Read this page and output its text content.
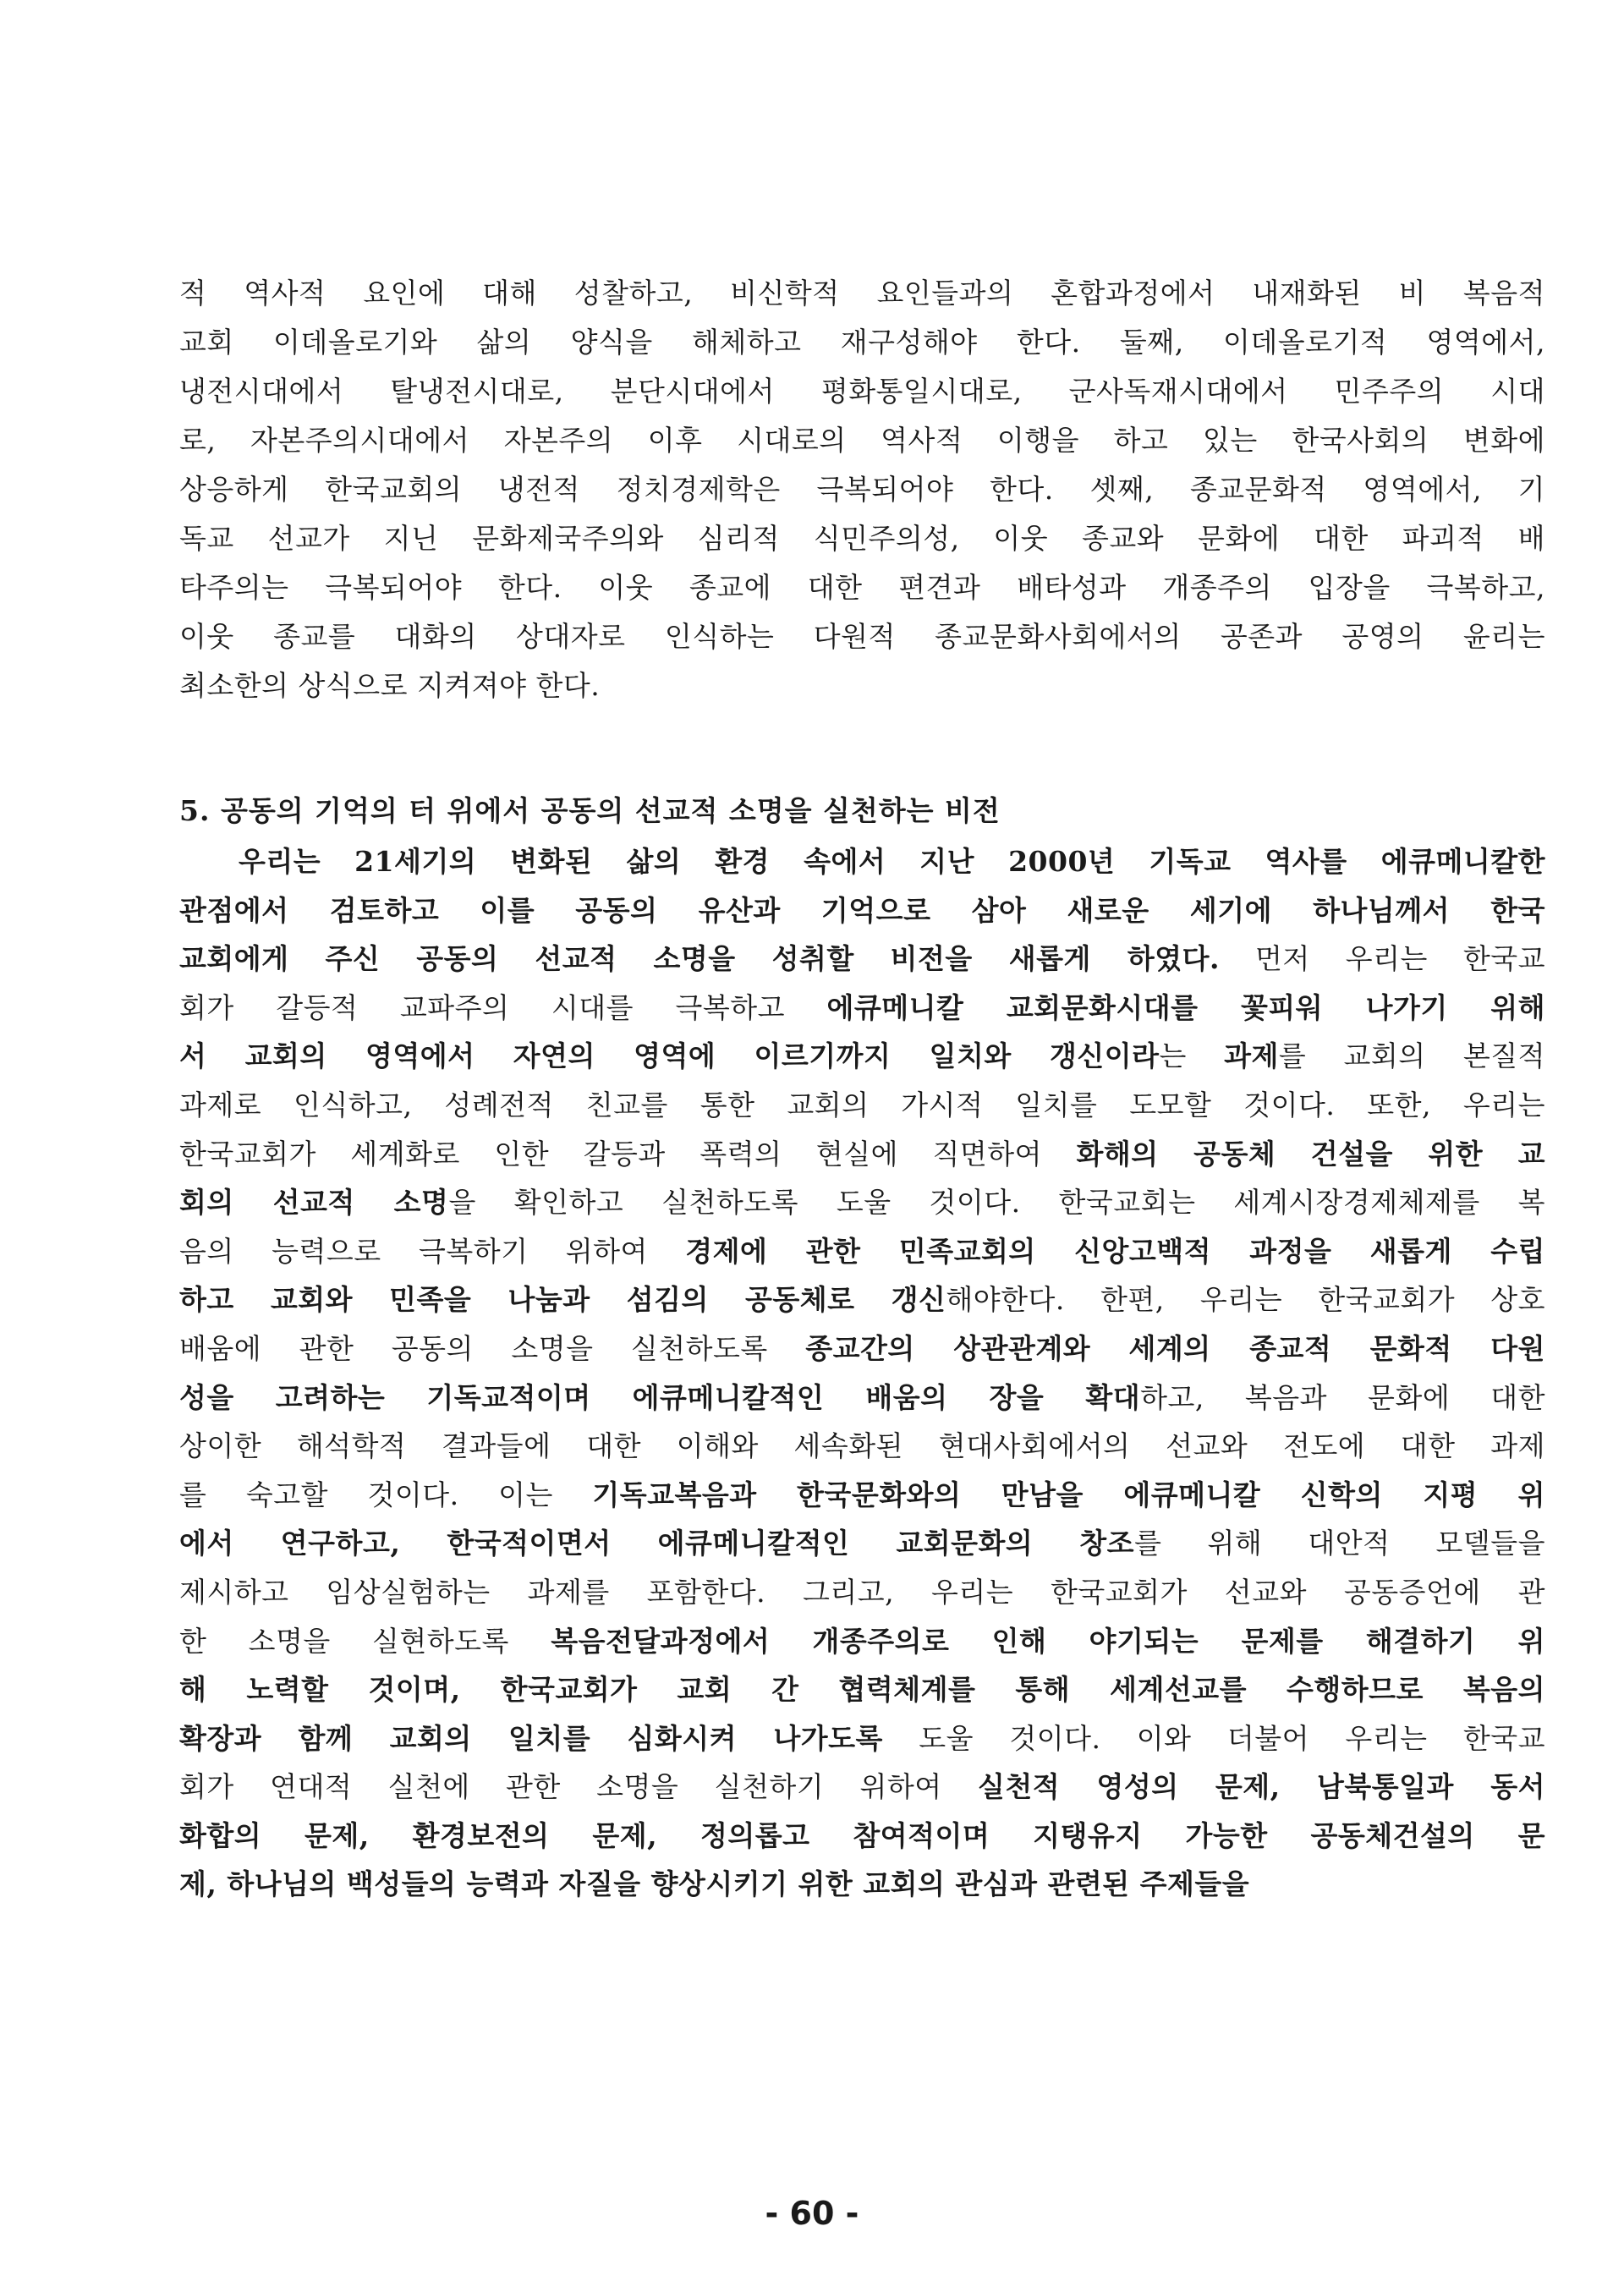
적 역사적 요인에 대해 성찰하고, 비신학적 요인들과의 혼합과정에서 내재화된 비 복음적
교회 이데올로기와 삶의 양식을 해체하고 재구성해야 한다. 둘째, 이데올로기적 영역에서,
냉전시대에서 탈냉전시대로, 분단시대에서 평화통일시대로, 군사독재시대에서 민주주의 시대
로, 자본주의시대에서 자본주의 이후 시대로의 역사적 이행을 하고 있는 한국사회의 변화에
상응하게 한국교회의 냉전적 정치경제학은 극복되어야 한다. 셋째, 종교문화적 영역에서, 기
독교 선교가 지닌 문화제국주의와 심리적 식민주의성, 이웃 종교와 문화에 대한 파괴적 배
타주의는 극복되어야 한다. 이웃 종교에 대한 편견과 배타성과 개종주의 입장을 극복하고,
이웃 종교를 대화의 상대자로 인식하는 다원적 종교문화사회에서의 공존과 공영의 윤리는
최소한의 상식으로 지켜져야 한다.
5. 공동의 기억의 터 위에서 공동의 선교적 소명을 실천하는 비전
우리는 21세기의 변화된 삶의 환경 속에서 지난 2000년 기독교 역사를 에큐메니칼한
관점에서 검토하고 이를 공동의 유산과 기억으로 삼아 새로운 세기에 하나님께서 한국
교회에게 주신 공동의 선교적 소명을 성취할 비전을 새롭게 하였다. 먼저 우리는 한국교
회가 갈등적 교파주의 시대를 극복하고 에큐메니칼 교회문화시대를 꽃피워 나가기 위해
서 교회의 영역에서 자연의 영역에 이르기까지 일치와 갱신이라는 과제를 교회의 본질적
과제로 인식하고, 성례전적 친교를 통한 교회의 가시적 일치를 도모할 것이다. 또한, 우리는
한국교회가 세계화로 인한 갈등과 폭력의 현실에 직면하여 화해의 공동체 건설을 위한 교
회의 선교적 소명을 확인하고 실천하도록 도울 것이다. 한국교회는 세계시장경제체제를 복
음의 능력으로 극복하기 위하여 경제에 관한 민족교회의 신앙고백적 과정을 새롭게 수립
하고 교회와 민족을 나눔과 섬김의 공동체로 갱신해야한다. 한편, 우리는 한국교회가 상호
배움에 관한 공동의 소명을 실천하도록 종교간의 상관관계와 세계의 종교적 문화적 다원
성을 고려하는 기독교적이며 에큐메니칼적인 배움의 장을 확대하고, 복음과 문화에 대한
상이한 해석학적 결과들에 대한 이해와 세속화된 현대사회에서의 선교와 전도에 대한 과제
를 숙고할 것이다. 이는 기독교복음과 한국문화와의 만남을 에큐메니칼 신학의 지평 위
에서 연구하고, 한국적이면서 에큐메니칼적인 교회문화의 창조를 위해 대안적 모델들을
제시하고 임상실험하는 과제를 포함한다. 그리고, 우리는 한국교회가 선교와 공동증언에 관
한 소명을 실현하도록 복음전달과정에서 개종주의로 인해 야기되는 문제를 해결하기 위
해 노력할 것이며, 한국교회가 교회 간 협력체계를 통해 세계선교를 수행하므로 복음의
확장과 함께 교회의 일치를 심화시켜 나가도록 도울 것이다. 이와 더불어 우리는 한국교
회가 연대적 실천에 관한 소명을 실천하기 위하여 실천적 영성의 문제, 남북통일과 동서
화합의 문제, 환경보전의 문제, 정의롭고 참여적이며 지탱유지 가능한 공동체건설의 문
제, 하나님의 백성들의 능력과 자질을 향상시키기 위한 교회의 관심과 관련된 주제들을
- 60 -
